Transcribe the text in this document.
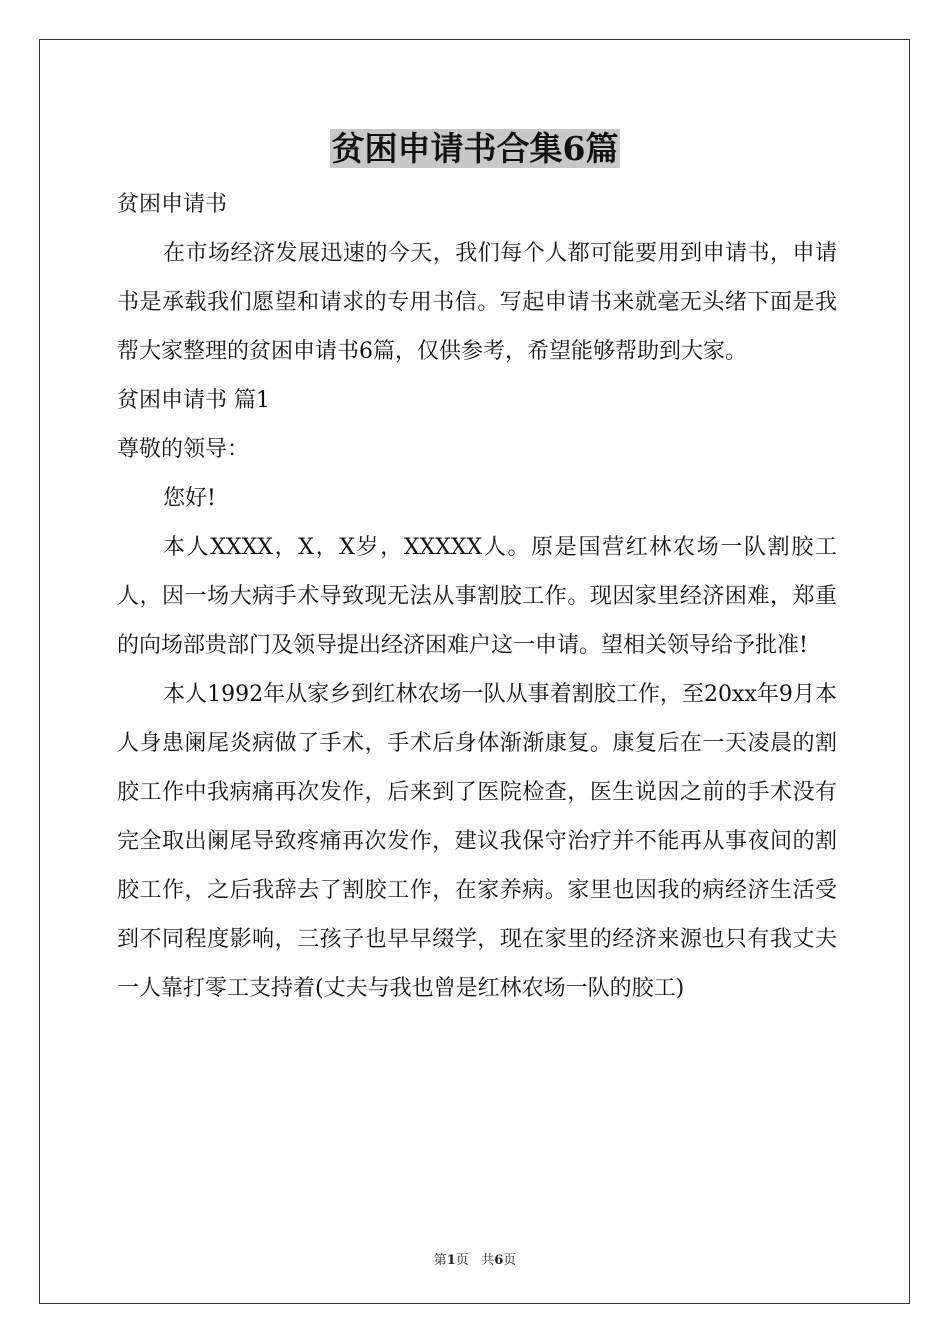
贫困申请书合集6篇

贫困申请书

在市场经济发展迅速的今天，我们每个人都可能要用到申请书，申请书是承载我们愿望和请求的专用书信。写起申请书来就毫无头绪下面是我帮大家整理的贫困申请书6篇，仅供参考，希望能够帮助到大家。

贫困申请书 篇1

尊敬的领导：

您好!

本人XXXX，X，X岁，XXXXX人。原是国营红林农场一队割胶工人，因一场大病手术导致现无法从事割胶工作。现因家里经济困难，郑重的向场部贵部门及领导提出经济困难户这一申请。望相关领导给予批准!

本人1992年从家乡到红林农场一队从事着割胶工作，至20xx年9月本人身患阑尾炎病做了手术，手术后身体渐渐康复。康复后在一天凌晨的割胶工作中我病痛再次发作，后来到了医院检查，医生说因之前的手术没有完全取出阑尾导致疼痛再次发作，建议我保守治疗并不能再从事夜间的割胶工作，之后我辞去了割胶工作，在家养病。家里也因我的病经济生活受到不同程度影响，三孩子也早早缀学，现在家里的经济来源也只有我丈夫一人靠打零工支持着(丈夫与我也曾是红林农场一队的胶工)

第1页 共6页
